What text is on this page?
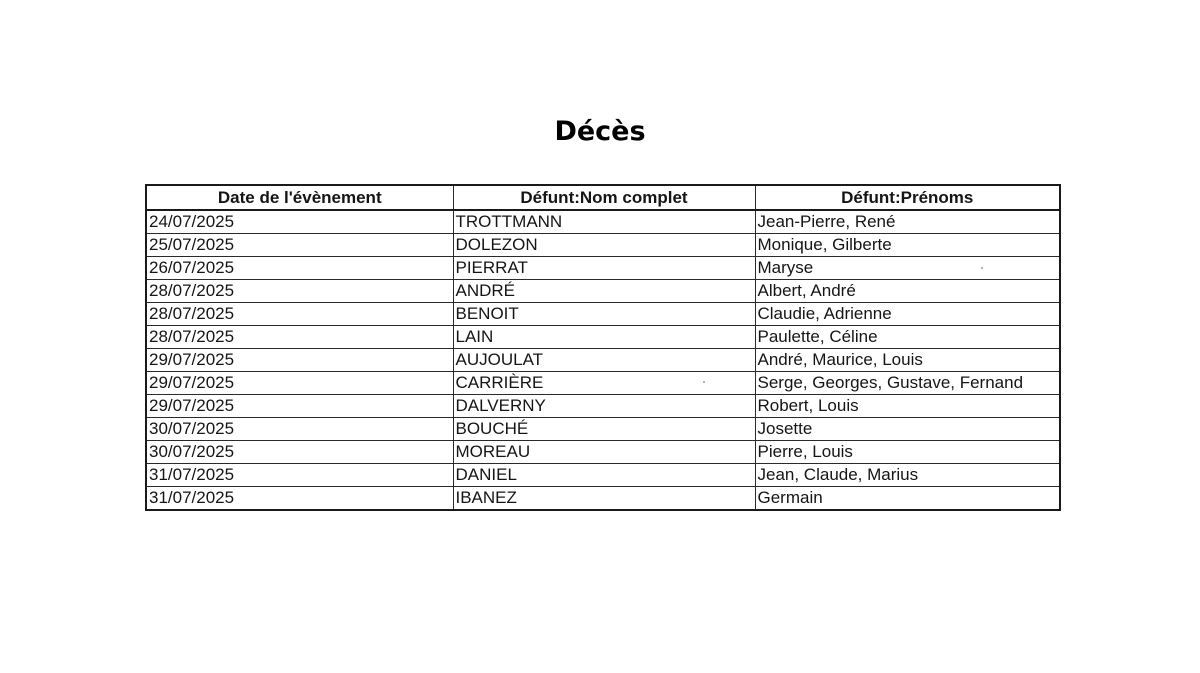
Décès
Date de l'évènement	Défunt:Nom complet	Défunt:Prénoms
24/07/2025	TROTTMANN	Jean-Pierre, René
25/07/2025	DOLEZON	Monique, Gilberte
26/07/2025	PIERRAT	Maryse
28/07/2025	ANDRÉ	Albert, André
28/07/2025	BENOIT	Claudie, Adrienne
28/07/2025	LAIN	Paulette, Céline
29/07/2025	AUJOULAT	André, Maurice, Louis
29/07/2025	CARRIÈRE	Serge, Georges, Gustave, Fernand
29/07/2025	DALVERNY	Robert, Louis
30/07/2025	BOUCHÉ	Josette
30/07/2025	MOREAU	Pierre, Louis
31/07/2025	DANIEL	Jean, Claude, Marius
31/07/2025	IBANEZ	Germain
